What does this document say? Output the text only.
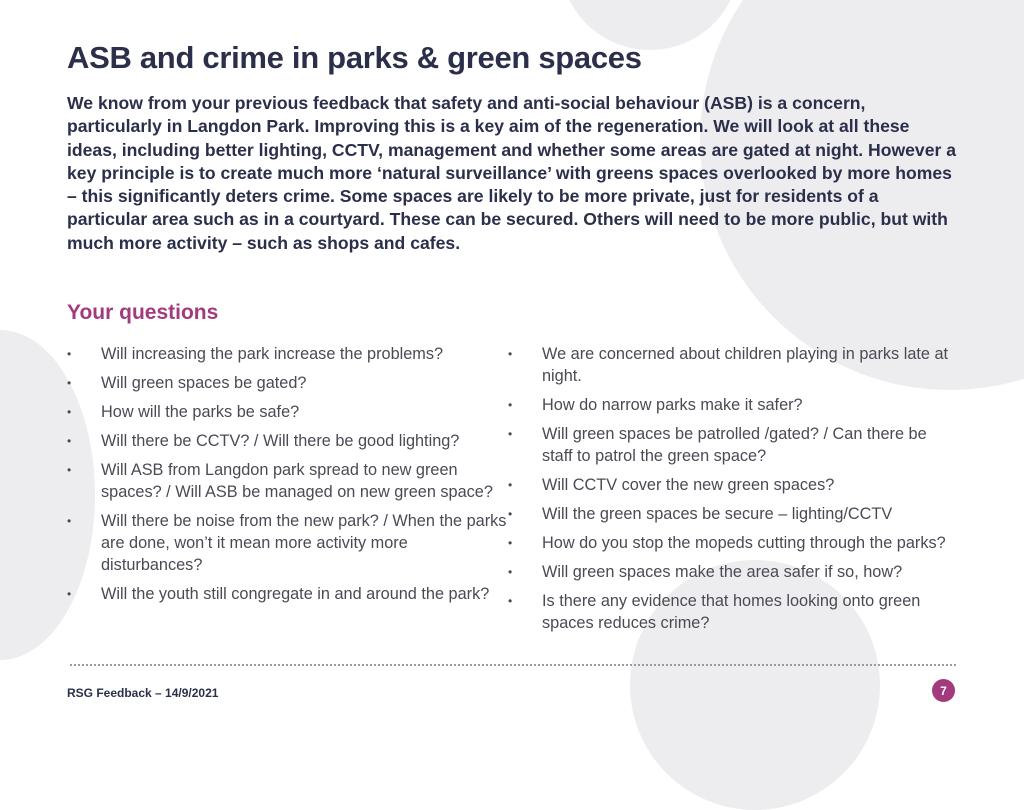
ASB and crime in parks & green spaces

We know from your previous feedback that safety and anti-social behaviour (ASB) is a concern, particularly in Langdon Park. Improving this is a key aim of the regeneration. We will look at all these ideas, including better lighting, CCTV, management and whether some areas are gated at night. However a key principle is to create much more ‘natural surveillance’ with greens spaces overlooked by more homes – this significantly deters crime. Some spaces are likely to be more private, just for residents of a particular area such as in a courtyard. These can be secured. Others will need to be more public, but with much more activity – such as shops and cafes.

Your questions
• Will increasing the park increase the problems?
• Will green spaces be gated?
• How will the parks be safe?
• Will there be CCTV? / Will there be good lighting?
• Will ASB from Langdon park spread to new green spaces? / Will ASB be managed on new green space?
• Will there be noise from the new park? / When the parks are done, won’t it mean more activity more disturbances?
• Will the youth still congregate in and around the park?
• We are concerned about children playing in parks late at night.
• How do narrow parks make it safer?
• Will green spaces be patrolled /gated? / Can there be staff to patrol the green space?
• Will CCTV cover the new green spaces?
• Will the green spaces be secure – lighting/CCTV
• How do you stop the mopeds cutting through the parks?
• Will green spaces make the area safer if so, how?
• Is there any evidence that homes looking onto green spaces reduces crime?
RSG Feedback – 14/9/2021	7
